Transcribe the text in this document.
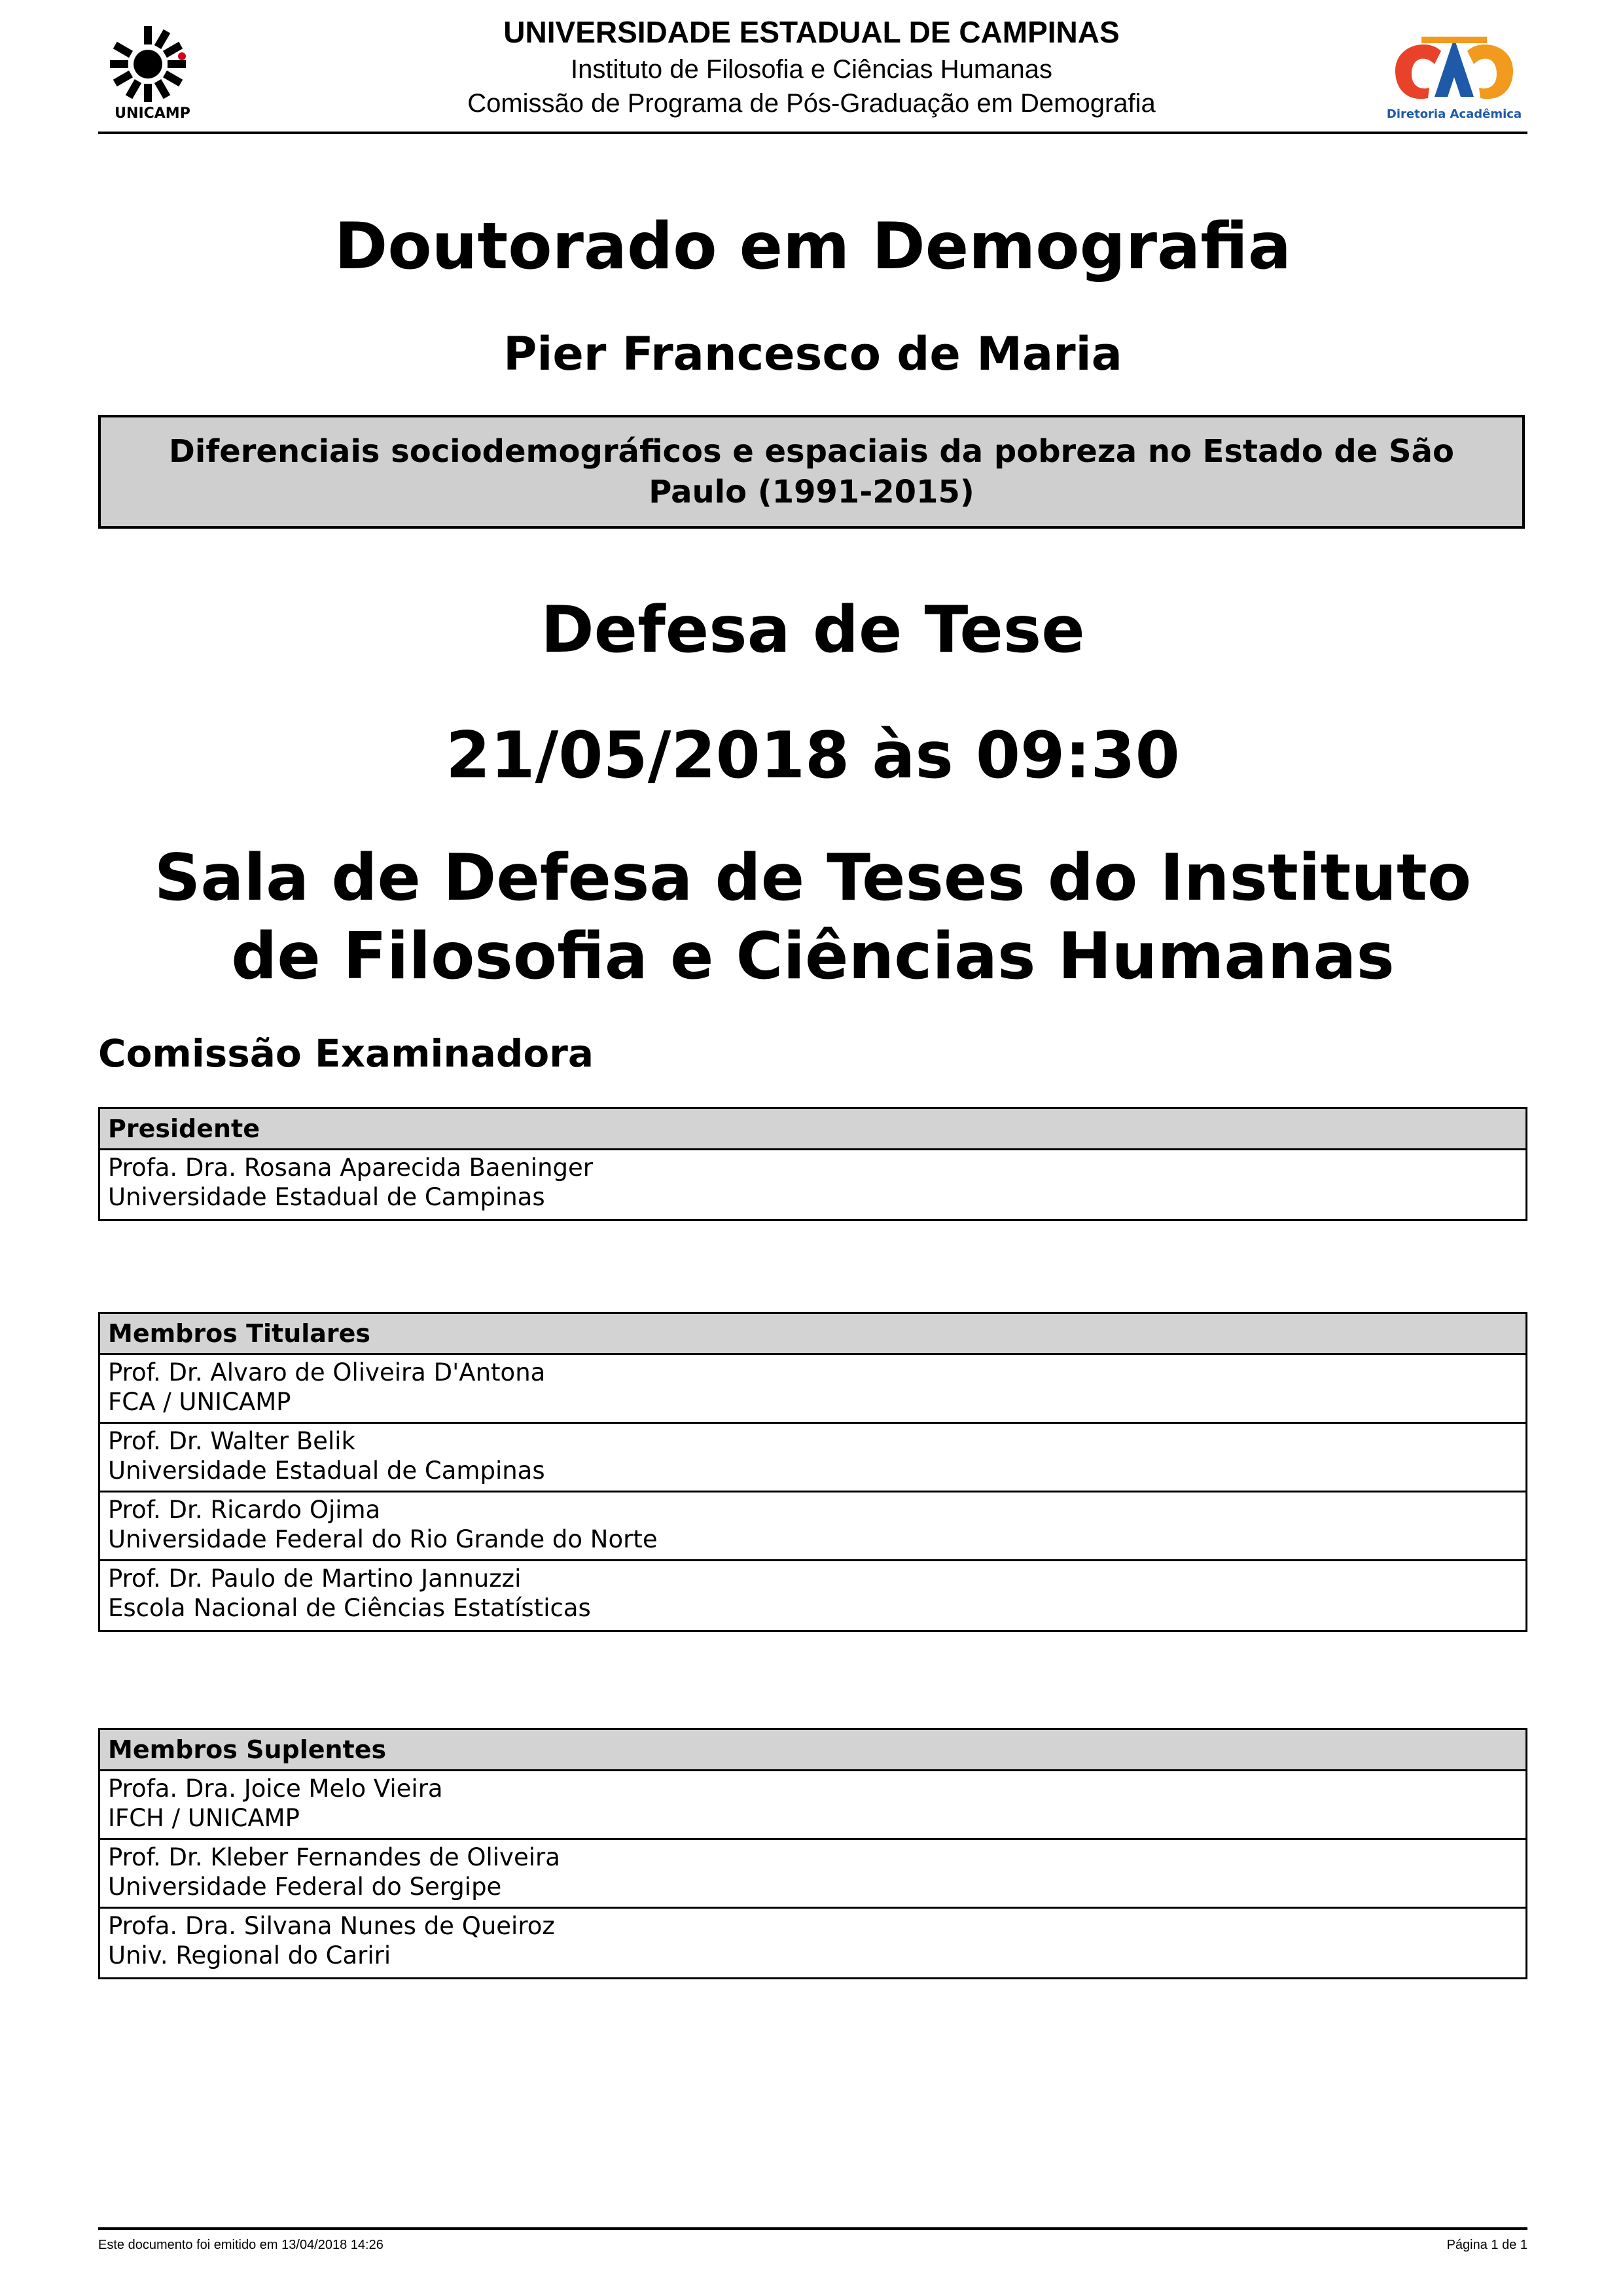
UNICAMP
UNIVERSIDADE ESTADUAL DE CAMPINAS
Instituto de Filosofia e Ciências Humanas
Comissão de Programa de Pós-Graduação em Demografia	Diretoria Acadêmica
Doutorado em Demografia
Pier Francesco de Maria
Diferenciais sociodemográficos e espaciais da pobreza no Estado de São Paulo (1991-2015)
Defesa de Tese
21/05/2018 às 09:30
Sala de Defesa de Teses do Instituto de Filosofia e Ciências Humanas
Comissão Examinadora
Presidente
Profa. Dra. Rosana Aparecida Baeninger
Universidade Estadual de Campinas
Membros Titulares
Prof. Dr. Alvaro de Oliveira D'Antona
FCA / UNICAMP
Prof. Dr. Walter Belik
Universidade Estadual de Campinas
Prof. Dr. Ricardo Ojima
Universidade Federal do Rio Grande do Norte
Prof. Dr. Paulo de Martino Jannuzzi
Escola Nacional de Ciências Estatísticas
Membros Suplentes
Profa. Dra. Joice Melo Vieira
IFCH / UNICAMP
Prof. Dr. Kleber Fernandes de Oliveira
Universidade Federal do Sergipe
Profa. Dra. Silvana Nunes de Queiroz
Univ. Regional do Cariri
Este documento foi emitido em 13/04/2018 14:26	Página 1 de 1
